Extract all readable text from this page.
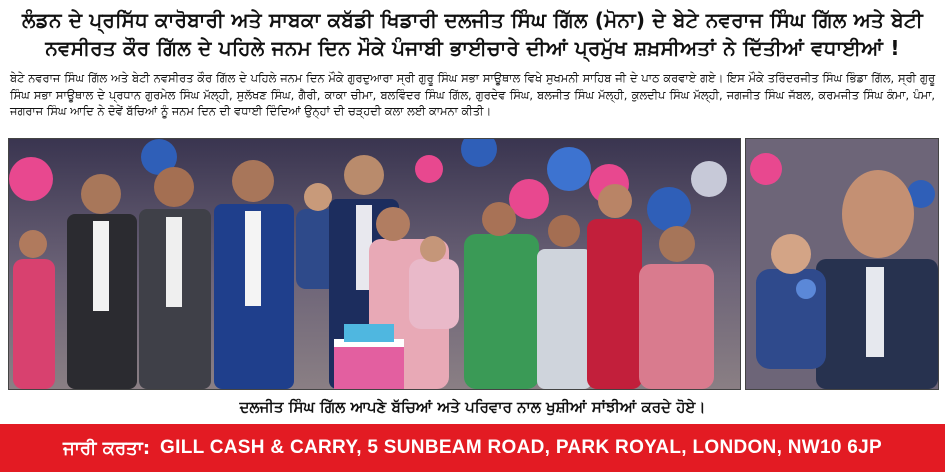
ਲੰਡਨ ਦੇ ਪ੍ਰਸਿੱਧ ਕਾਰੋਬਾਰੀ ਅਤੇ ਸਾਬਕਾ ਕਬੱਡੀ ਖਿਡਾਰੀ ਦਲਜੀਤ ਸਿੰਘ ਗਿੱਲ (ਮੋਨਾ) ਦੇ ਬੇਟੇ ਨਵਰਾਜ ਸਿੰਘ ਗਿੱਲ ਅਤੇ ਬੇਟੀ
ਨਵਸੀਰਤ ਕੌਰ ਗਿੱਲ ਦੇ ਪਹਿਲੇ ਜਨਮ ਦਿਨ ਮੌਕੇ ਪੰਜਾਬੀ ਭਾਈਚਾਰੇ ਦੀਆਂ ਪ੍ਰਮੁੱਖ ਸ਼ਖ਼ਸੀਅਤਾਂ ਨੇ ਦਿੱਤੀਆਂ ਵਧਾਈਆਂ !
ਬੇਟੇ ਨਵਰਾਜ ਸਿੰਘ ਗਿੱਲ ਅਤੇ ਬੇਟੀ ਨਵਸੀਰਤ ਕੌਰ ਗਿੱਲ ਦੇ ਪਹਿਲੇ ਜਨਮ ਦਿਨ ਮੌਕੇ ਗੁਰਦੁਆਰਾ ਸ੍ਰੀ ਗੁਰੂ ਸਿੰਘ ਸਭਾ ਸਾਊਥਾਲ ਵਿਖੇ ਸੁਖਮਨੀ ਸਾਹਿਬ ਜੀ ਦੇ ਪਾਠ ਕਰਵਾਏ ਗਏ। ਇਸ ਮੌਕੇ ਤਰਿੰਦਰਜੀਤ ਸਿੰਘ ਭਿੰਡਾ ਗਿੱਲ, ਸ੍ਰੀ ਗੁਰੂ ਸਿੰਘ ਸਭਾ ਸਾਊਥਾਲ ਦੇ ਪ੍ਰਧਾਨ ਗੁਰਮੇਲ ਸਿੰਘ ਮੱਲ੍ਹੀ, ਸੁਲੱਖਣ ਸਿੰਘ, ਗੈਰੀ, ਕਾਕਾ ਚੀਮਾ, ਬਲਵਿੰਦਰ ਸਿੰਘ ਗਿੱਲ, ਗੁਰਦੇਵ ਸਿੰਘ, ਬਲਜੀਤ ਸਿੰਘ ਮੱਲ੍ਹੀ, ਕੁਲਦੀਪ ਸਿੰਘ ਮੱਲ੍ਹੀ, ਜਗਜੀਤ ਸਿੰਘ ਜੱਬਲ, ਕਰਮਜੀਤ ਸਿੰਘ ਕੰਮਾ, ਪੰਮਾ, ਜਗਰਾਜ ਸਿੰਘ ਆਦਿ ਨੇ ਦੋਵੇਂ ਬੱਚਿਆਂ ਨੂੰ ਜਨਮ ਦਿਨ ਦੀ ਵਧਾਈ ਦਿੰਦਿਆਂ ਉਨ੍ਹਾਂ ਦੀ ਚੜ੍ਹਦੀ ਕਲਾ ਲਈ ਕਾਮਨਾ ਕੀਤੀ।
ਦਲਜੀਤ ਸਿੰਘ ਗਿੱਲ ਆਪਣੇ ਬੱਚਿਆਂ ਅਤੇ ਪਰਿਵਾਰ ਨਾਲ ਖੁਸ਼ੀਆਂ ਸਾਂਝੀਆਂ ਕਰਦੇ ਹੋਏ।
ਜਾਰੀ ਕਰਤਾ: GILL CASH & CARRY, 5 SUNBEAM ROAD, PARK ROYAL, LONDON, NW10 6JP
